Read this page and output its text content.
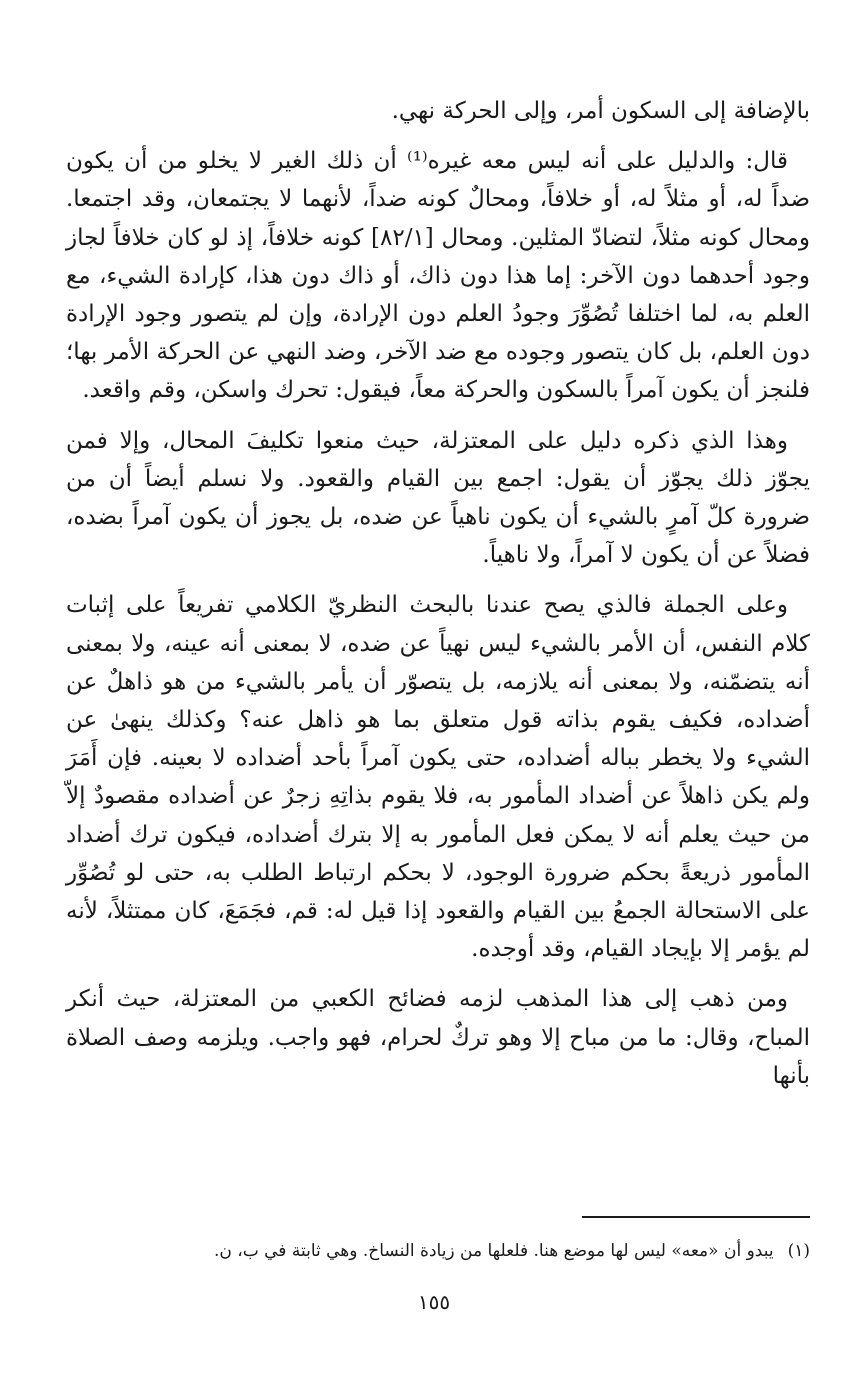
بالإضافة إلى السكون أمر، وإلى الحركة نهي.

قال: والدليل على أنه ليس معه غيره⁽¹⁾ أن ذلك الغير لا يخلو من أن يكون ضداً له، أو مثلاً له، أو خلافاً، ومحالٌ كونه ضداً، لأنهما لا يجتمعان، وقد اجتمعا. ومحال كونه مثلاً، لتضادّ المثلين. ومحال [٨٢/١] كونه خلافاً، إذ لو كان خلافاً لجاز وجود أحدهما دون الآخر: إما هذا دون ذاك، أو ذاك دون هذا، كإرادة الشيء، مع العلم به، لما اختلفا تُصُوِّرَ وجودُ العلم دون الإرادة، وإن لم يتصور وجود الإرادة دون العلم، بل كان يتصور وجوده مع ضد الآخر، وضد النهي عن الحركة الأمر بها؛ فلنجز أن يكون آمراً بالسكون والحركة معاً، فيقول: تحرك واسكن، وقم واقعد.

وهذا الذي ذكره دليل على المعتزلة، حيث منعوا تكليفَ المحال، وإلا فمن يجوّز ذلك يجوّز أن يقول: اجمع بين القيام والقعود. ولا نسلم أيضاً أن من ضرورة كلّ آمرٍ بالشيء أن يكون ناهياً عن ضده، بل يجوز أن يكون آمراً بضده، فضلاً عن أن يكون لا آمراً، ولا ناهياً.

وعلى الجملة فالذي يصح عندنا بالبحث النظريّ الكلامي تفريعاً على إثبات كلام النفس، أن الأمر بالشيء ليس نهياً عن ضده، لا بمعنى أنه عينه، ولا بمعنى أنه يتضمّنه، ولا بمعنى أنه يلازمه، بل يتصوّر أن يأمر بالشيء من هو ذاهلٌ عن أضداده، فكيف يقوم بذاته قول متعلق بما هو ذاهل عنه؟ وكذلك ينهىٰ عن الشيء ولا يخطر بباله أضداده، حتى يكون آمراً بأحد أضداده لا بعينه. فإن أَمَرَ ولم يكن ذاهلاً عن أضداد المأمور به، فلا يقوم بذاتِهِ زجرٌ عن أضداده مقصودٌ إلاّ من حيث يعلم أنه لا يمكن فعل المأمور به إلا بترك أضداده، فيكون ترك أضداد المأمور ذريعةً بحكم ضرورة الوجود، لا بحكم ارتباط الطلب به، حتى لو تُصُوِّر على الاستحالة الجمعُ بين القيام والقعود إذا قيل له: قم، فجَمَعَ، كان ممتثلاً، لأنه لم يؤمر إلا بإيجاد القيام، وقد أوجده.

ومن ذهب إلى هذا المذهب لزمه فضائح الكعبي من المعتزلة، حيث أنكر المباح، وقال: ما من مباح إلا وهو تركٌ لحرام، فهو واجب. ويلزمه وصف الصلاة بأنها

(١)يبدو أن «معه» ليس لها موضع هنا. فلعلها من زيادة النساخ. وهي ثابتة في ب، ن.
١٥٥
